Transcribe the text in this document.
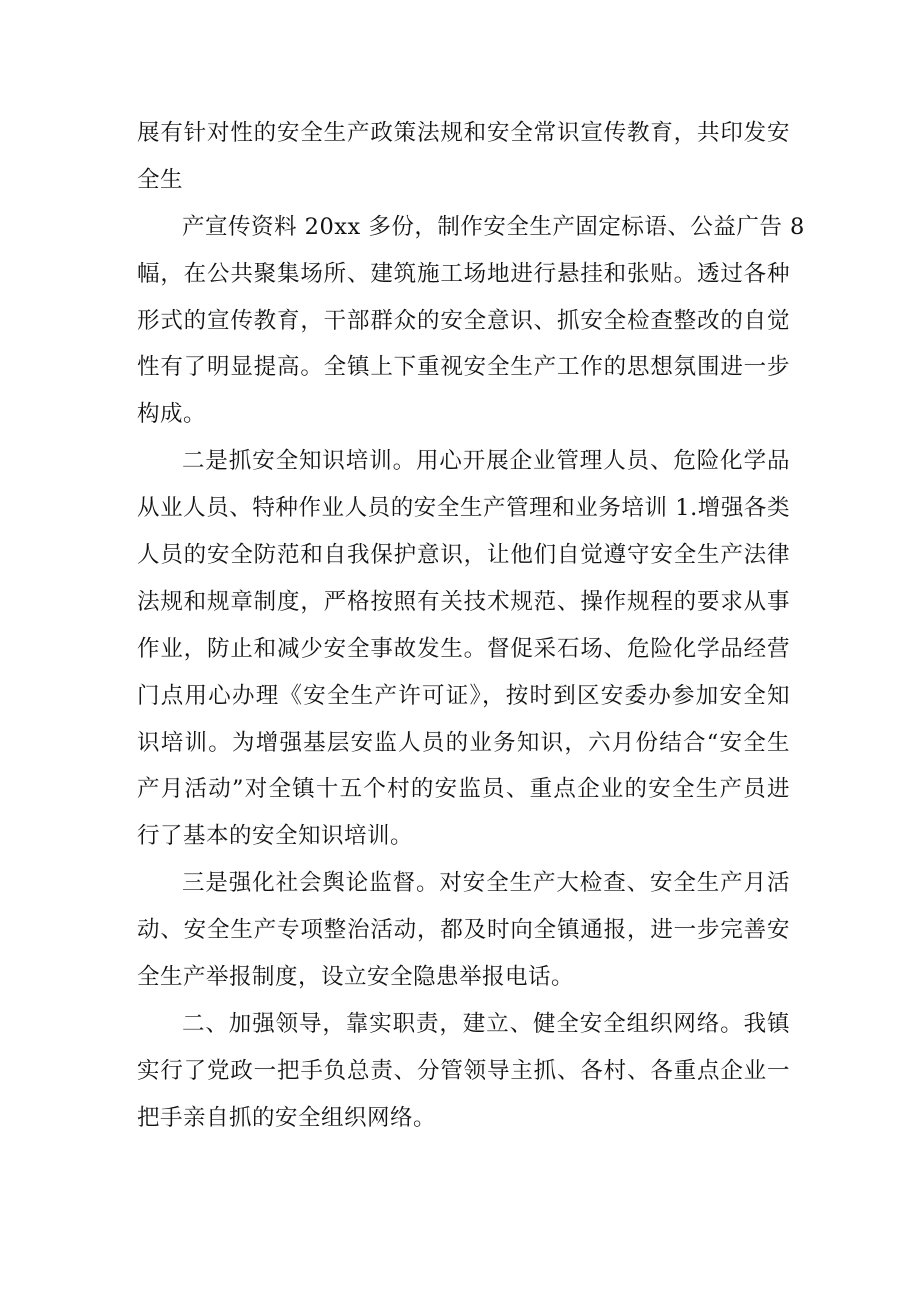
展有针对性的安全生产政策法规和安全常识宣传教育，共印发安
全生
产宣传资料 20xx 多份，制作安全生产固定标语、公益广告 8
幅，在公共聚集场所、建筑施工场地进行悬挂和张贴。透过各种
形式的宣传教育，干部群众的安全意识、抓安全检查整改的自觉
性有了明显提高。全镇上下重视安全生产工作的思想氛围进一步
构成。
二是抓安全知识培训。用心开展企业管理人员、危险化学品
从业人员、特种作业人员的安全生产管理和业务培训 1.增强各类
人员的安全防范和自我保护意识，让他们自觉遵守安全生产法律
法规和规章制度，严格按照有关技术规范、操作规程的要求从事
作业，防止和减少安全事故发生。督促采石场、危险化学品经营
门点用心办理《安全生产许可证》，按时到区安委办参加安全知
识培训。为增强基层安监人员的业务知识，六月份结合“安全生
产月活动”对全镇十五个村的安监员、重点企业的安全生产员进
行了基本的安全知识培训。
三是强化社会舆论监督。对安全生产大检查、安全生产月活
动、安全生产专项整治活动，都及时向全镇通报，进一步完善安
全生产举报制度，设立安全隐患举报电话。
二、加强领导，靠实职责，建立、健全安全组织网络。我镇
实行了党政一把手负总责、分管领导主抓、各村、各重点企业一
把手亲自抓的安全组织网络。
